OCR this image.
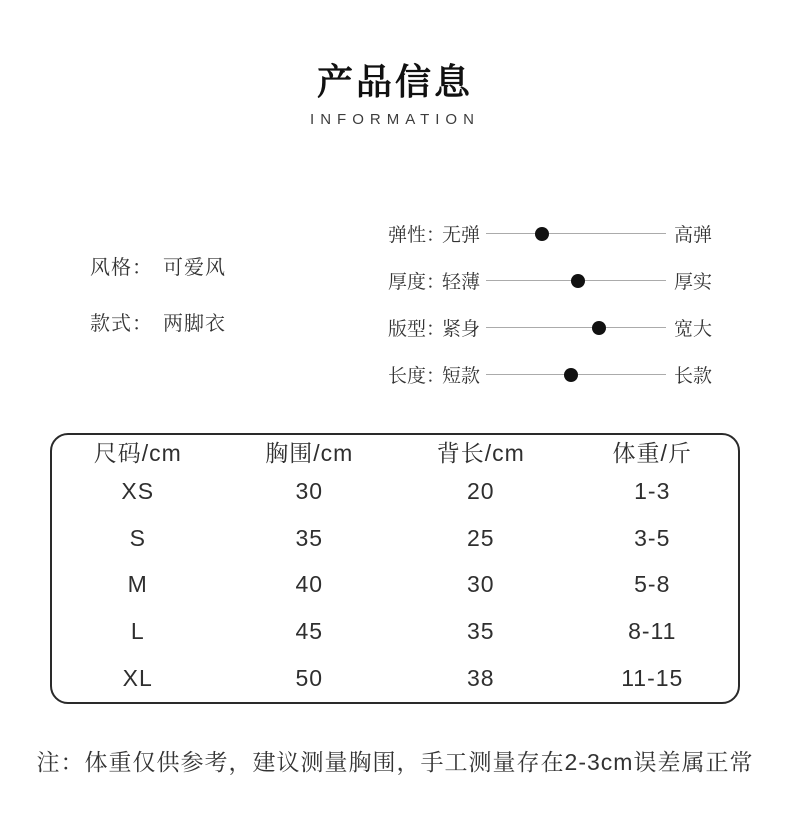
产品信息
INFORMATION
风格： 可爱风
款式： 两脚衣
弹性：
无弹	高弹
厚度：
轻薄	厚实
版型：
紧身	宽大
长度：
短款	长款
尺码/cm	胸围/cm	背长/cm	体重/斤
XS	30	20	1-3
S	35	25	3-5
M	40	30	5-8
L	45	35	8-11
XL	50	38	11-15
注：体重仅供参考，建议测量胸围，手工测量存在2-3cm误差属正常
